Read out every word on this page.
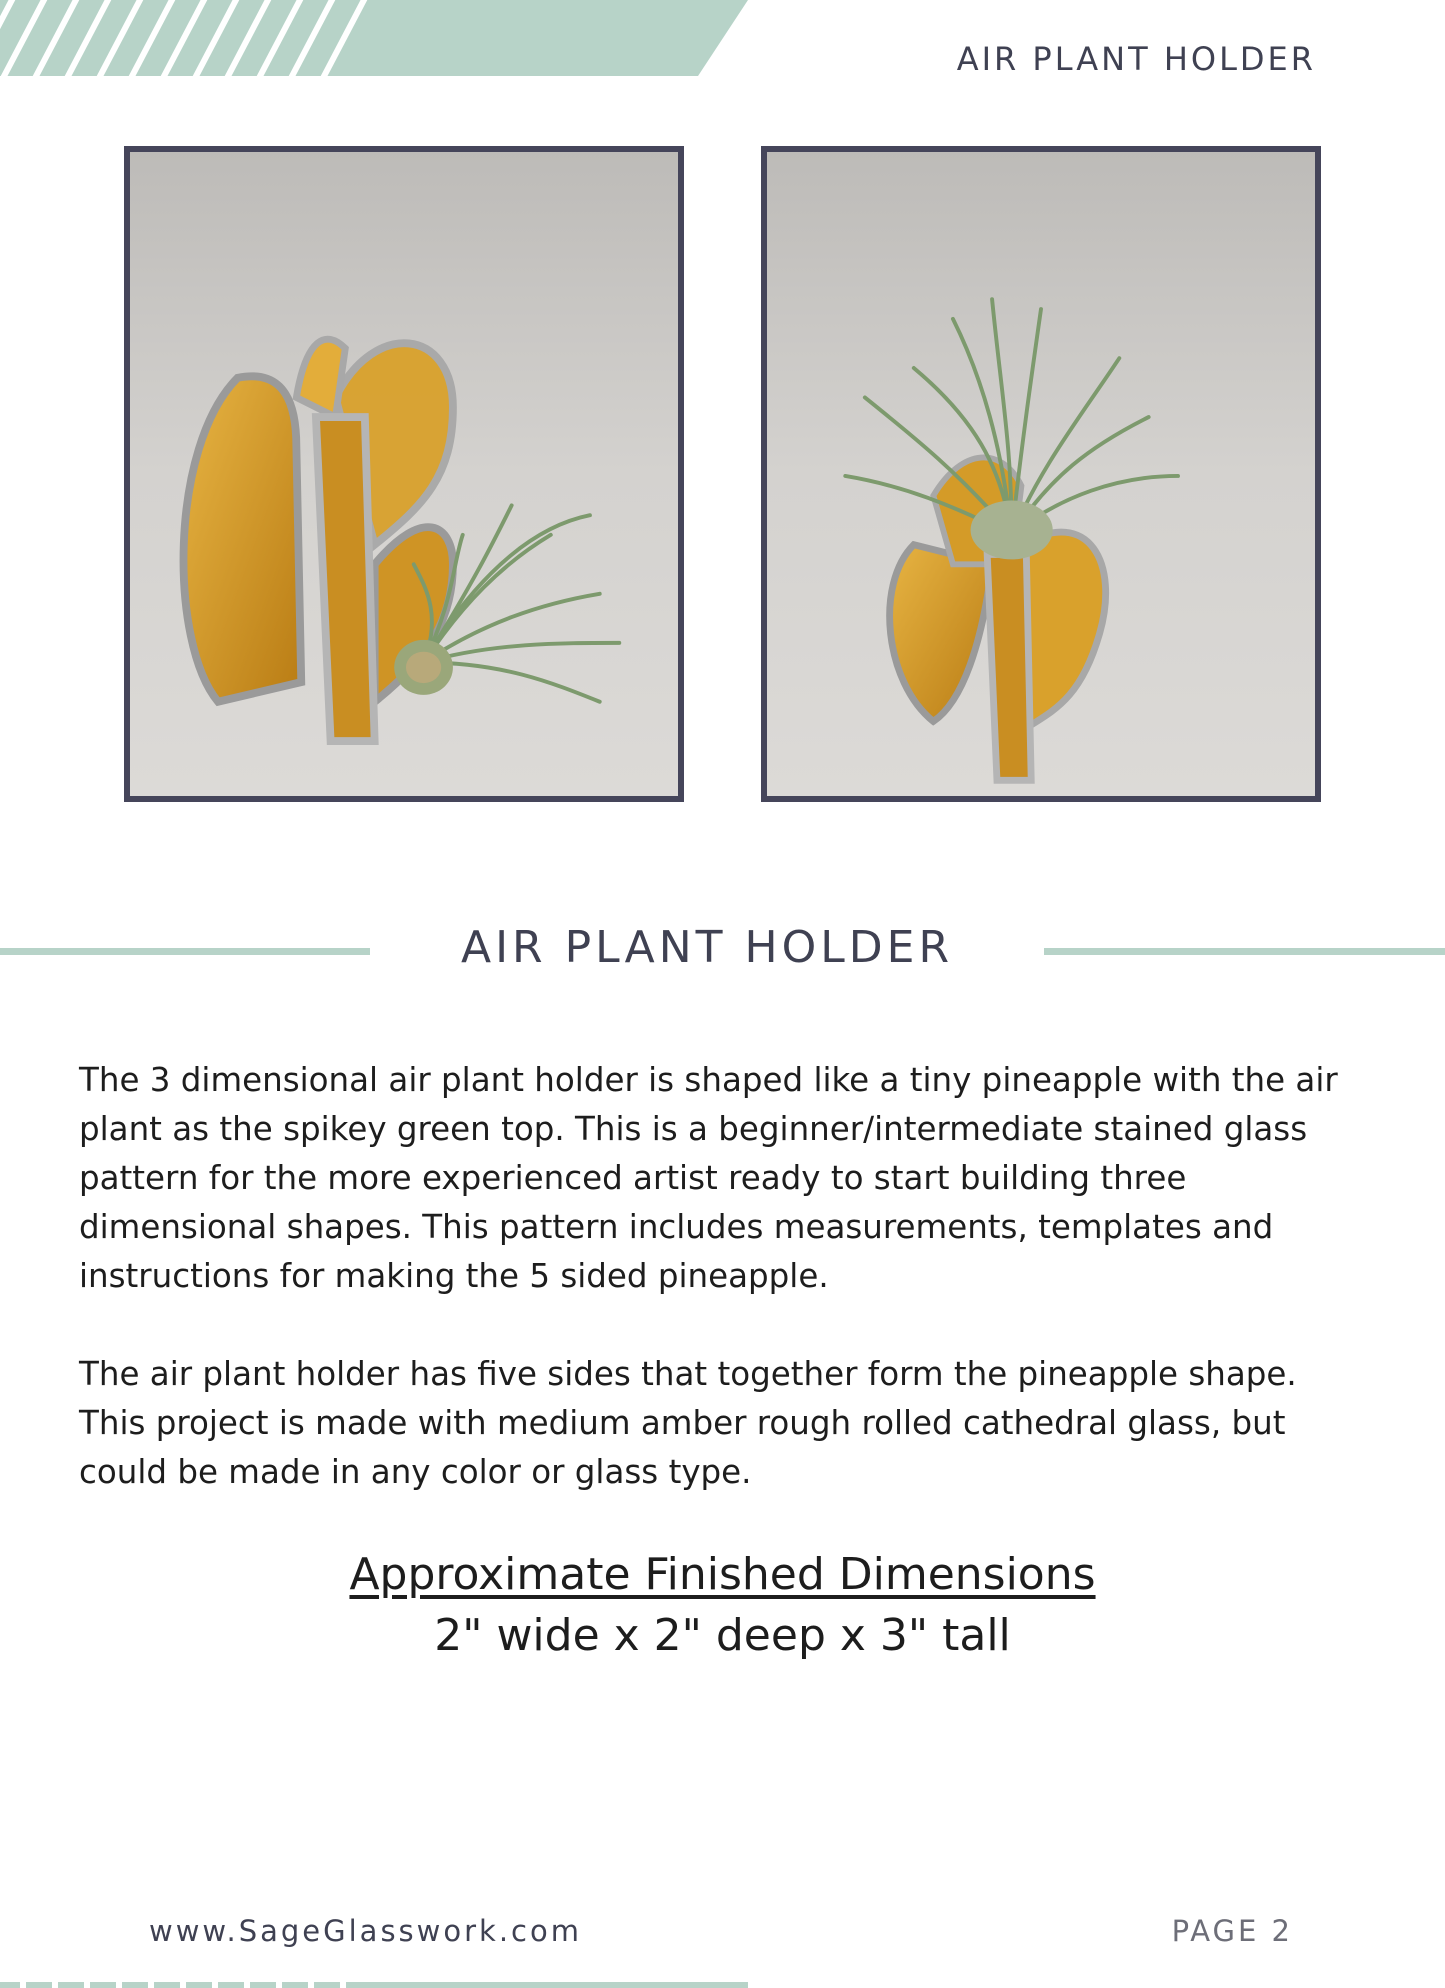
AIR PLANT HOLDER
AIR PLANT HOLDER

The 3 dimensional air plant holder is shaped like a tiny pineapple with the air plant as the spikey green top. This is a beginner/intermediate stained glass pattern for the more experienced artist ready to start building three dimensional shapes. This pattern includes measurements, templates and instructions for making the 5 sided pineapple.

The air plant holder has five sides that together form the pineapple shape. This project is made with medium amber rough rolled cathedral glass, but could be made in any color or glass type.

Approximate Finished Dimensions
2" wide x 2" deep x 3" tall
www.SageGlasswork.com	PAGE 2
